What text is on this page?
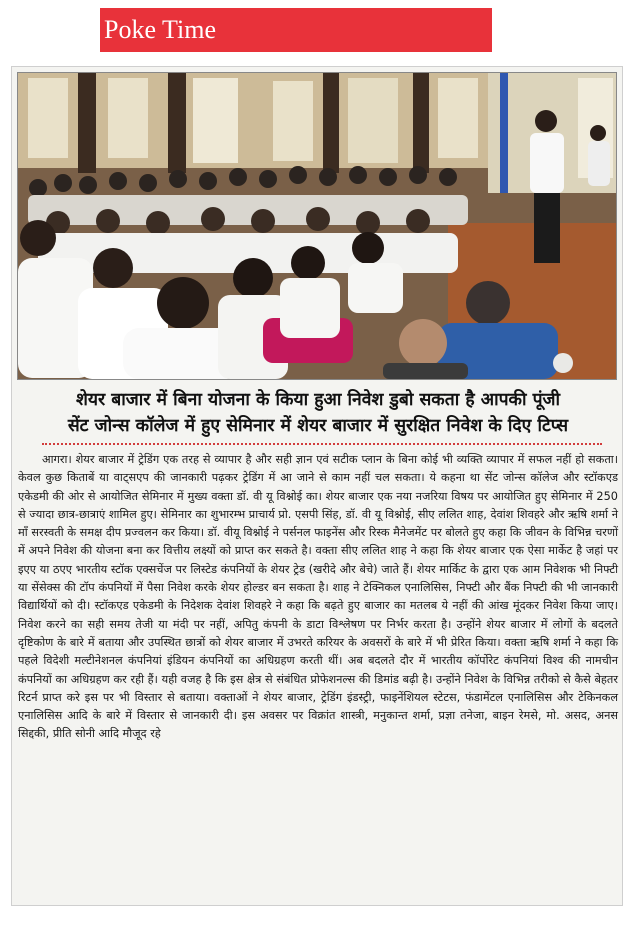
Poke Time
शेयर बाजार में बिना योजना के किया हुआ निवेश डुबो सकता है आपकी पूंजी
सेंट जोन्स कॉलेज में हुए सेमिनार में शेयर बाजार में सुरक्षित निवेश के दिए टिप्स
आगरा। शेयर बाजार में ट्रेडिंग एक तरह से व्यापार है और सही ज्ञान एवं सटीक प्लान के बिना कोई भी व्यक्ति व्यापार में सफल नहीं हो सकता। केवल कुछ किताबें या वाट्सएप की जानकारी पढ़कर ट्रेडिंग में आ जाने से काम नहीं चल सकता। ये कहना था सेंट जोन्स कॉलेज और स्टॉकएड एकेडमी की ओर से आयोजित सेमिनार में मुख्य वक्ता डॉ. वी यू विश्नोई का। शेयर बाजार एक नया नजरिया विषय पर आयोजित हुए सेमिनार में 250 से ज्यादा छात्र-छात्राएं शामिल हुए। सेमिनार का शुभारम्भ प्राचार्य प्रो. एसपी सिंह, डॉ. वी यू विश्नोई, सीए ललित शाह, देवांश शिवहरे और ऋषि शर्मा ने माँ सरस्वती के समक्ष दीप प्रज्वलन कर किया। डॉ. वीयू विश्नोई ने पर्सनल फाइनेंस और रिस्क मैनेजमेंट पर बोलते हुए कहा कि जीवन के विभिन्न चरणों में अपने निवेश की योजना बना कर वित्तीय लक्ष्यों को प्राप्त कर सकते है। वक्ता सीए ललित शाह ने कहा कि शेयर बाजार एक ऐसा मार्केट है जहां पर इएए या ठएए भारतीय स्टॉक एक्सचेंज पर लिस्टेड कंपनियों के शेयर ट्रेड (खरीदे और बेचे) जाते हैं। शेयर मार्किट के द्वारा एक आम निवेशक भी निफ्टी या सेंसेक्स की टॉप कंपनियों में पैसा निवेश करके शेयर होल्डर बन सकता है। शाह ने टेक्निकल एनालिसिस, निफ्टी और बैंक निफ्टी की भी जानकारी विद्यार्थियों को दी। स्टॉकएड एकेडमी के निदेशक देवांश शिवहरे ने कहा कि बढ़ते हुए बाजार का मतलब ये नहीं की आंख मूंदकर निवेश किया जाए। निवेश करने का सही समय तेजी या मंदी पर नहीं, अपितु कंपनी के डाटा विश्लेषण पर निर्भर करता है। उन्होंने शेयर बाजार में लोगों के बदलते दृष्टिकोण के बारे में बताया और उपस्थित छात्रों को शेयर बाजार में उभरते करियर के अवसरों के बारे में भी प्रेरित किया। वक्ता ऋषि शर्मा ने कहा कि पहले विदेशी मल्टीनेशनल कंपनियां इंडियन कंपनियों का अधिग्रहण करती थीं। अब बदलते दौर में भारतीय कॉर्पोरेट कंपनियां विश्व की नामचीन कंपनियों का अधिग्रहण कर रही हैं। यही वजह है कि इस क्षेत्र से संबंधित प्रोफेशनल्स की डिमांड बढ़ी है। उन्होंने निवेश के विभिन्न तरीको से कैसे बेहतर रिटर्न प्राप्त करे इस पर भी विस्तार से बताया। वक्ताओं ने शेयर बाजार, ट्रेडिंग इंडस्ट्री, फाइनेंशियल स्टेटस, फंडामेंटल एनालिसिस और टेकिनकल एनालिसिस आदि के बारे में विस्तार से जानकारी दी। इस अवसर पर विक्रांत शास्त्री, मनुकान्त शर्मा, प्रज्ञा तनेजा, बाइन रेमसे, मो. असद, अनस सिद्दकी, प्रीति सोनी आदि मौजूद रहे
